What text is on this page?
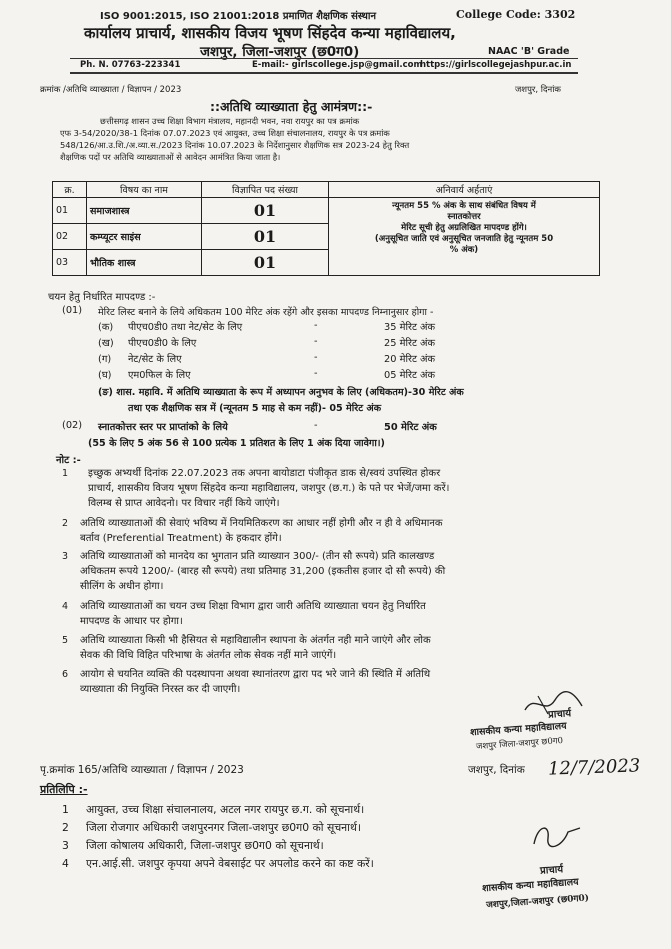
ISO 9001:2015, ISO 21001:2018 प्रमाणित शैक्षणिक संस्थान	College Code: 3302
कार्यालय प्राचार्य, शासकीय विजय भूषण सिंहदेव कन्या महाविद्यालय,
जशपुर, जिला-जशपुर (छ0ग0)	NAAC 'B' Grade
Ph. N. 07763-223341	E-mail:- girlscollege.jsp@gmail.com
https://girlscollegejashpur.ac.in
क्रमांक /अतिथि व्याख्याता / विज्ञापन / 2023	जशपुर, दिनांक
::अतिथि व्याख्याता हेतु आमंत्रण::-
छत्तीसगढ़ शासन उच्च शिक्षा विभाग मंत्रालय, महानदी भवन, नवा रायपुर का पत्र क्रमांक
एफ 3-54/2020/38-1 दिनांक 07.07.2023 एवं आयुक्त, उच्च शिक्षा संचालनालय, रायपुर के पत्र क्रमांक
548/126/आ.उ.शि./अ.व्या.स./2023 दिनांक 10.07.2023 के निर्देशानुसार शैक्षणिक सत्र 2023-24 हेतु रिक्त
शैक्षणिक पदों पर अतिथि व्याख्याताओं से आवेदन आमंत्रित किया जाता है।
क्र.	विषय का नाम	विज्ञापित पद संख्या	अनिवार्य अर्हताएं
01	समाजशास्त्र	01	न्यूनतम 55 % अंक के साथ संबंधित विषय में
स्नातकोत्तर
मेरिट सूची हेतु अग्रलिखित मापदण्ड होंगे।
(अनुसूचित जाति एवं अनुसूचित जनजाति हेतु न्यूनतम 50
% अंक)

02	कम्प्यूटर साइंस	01	
03	भौतिक शास्त्र	01	
चयन हेतु निर्धारित मापदण्ड :-
(01) मेरिट लिस्ट बनाने के लिये अधिकतम 100 मेरिट अंक रहेंगे और इसका मापदण्ड निम्नानुसार होगा -
(क) पीएच0डी0 तथा नेट/सेट के लिए	-	35 मेरिट अंक
(ख) पीएच0डी0 के लिए	-	25 मेरिट अंक
(ग) नेट/सेट के लिए	-	20 मेरिट अंक
(घ) एम0फिल के लिए	-	05 मेरिट अंक
(ङ) शास. महावि. में अतिथि व्याख्याता के रूप में अध्यापन अनुभव के लिए (अधिकतम)-30 मेरिट अंक
तथा एक शैक्षणिक सत्र में (न्यूनतम 5 माह से कम नहीं)- 05 मेरिट अंक
(02) स्नातकोत्तर स्तर पर प्राप्तांको के लिये	-	50 मेरिट अंक
(55 के लिए 5 अंक 56 से 100 प्रत्येक 1 प्रतिशत के लिए 1 अंक दिया जावेगा।)
नोट :-
1 इच्छुक अभ्यर्थी दिनांक 22.07.2023 तक अपना बायोडाटा पंजीकृत डाक से/स्वयं उपस्थित होकर
प्राचार्य, शासकीय विजय भूषण सिंहदेव कन्या महाविद्यालय, जशपुर (छ.ग.) के पते पर भेजें/जमा करें।
विलम्ब से प्राप्त आवेदनो। पर विचार नहीं किये जाएंगे।
2 अतिथि व्याख्याताओं की सेवाएं भविष्य में नियमितिकरण का आधार नहीं होगी और न ही वे अधिमानक
बर्ताव (Preferential Treatment) के हकदार होंगे।
3 अतिथि व्याख्याताओं को मानदेय का भुगतान प्रति व्याख्यान 300/- (तीन सौ रूपये) प्रति कालखण्ड
अधिकतम रूपये 1200/- (बारह सौ रूपये) तथा प्रतिमाह 31,200 (इकतीस हजार दो सौ रूपये) की
सीलिंग के अधीन होगा।
4 अतिथि व्याख्याताओं का चयन उच्च शिक्षा विभाग द्वारा जारी अतिथि व्याख्याता चयन हेतु निर्धारित
मापदण्ड के आधार पर होगा।
5 अतिथि व्याख्याता किसी भी हैसियत से महाविद्यालीन स्थापना के अंतर्गत नही माने जाएंगे और लोक
सेवक की विधि विहित परिभाषा के अंतर्गत लोक सेवक नहीं माने जाएंगें।
6 आयोग से चयनित व्यक्ति की पदस्थापना अथवा स्थानांतरण द्वारा पद भरे जाने की स्थिति में अतिथि
व्याख्याता की नियुक्ति निरस्त कर दी जाएगी।
प्राचार्य
शासकीय कन्या महाविद्यालय
जशपुर जिला-जशपुर छ0ग0
पृ.क्रमांक 165/अतिथि व्याख्याता / विज्ञापन / 2023	जशपुर, दिनांक 12/7/2023
प्रतिलिपि :-
1 आयुक्त, उच्च शिक्षा संचालनालय, अटल नगर रायपुर छ.ग. को सूचनार्थ।
2 जिला रोजगार अधिकारी जशपुरनगर जिला-जशपुर छ0ग0 को सूचनार्थ।
3 जिला कोषालय अधिकारी, जिला-जशपुर छ0ग0 को सूचनार्थ।
4 एन.आई.सी. जशपुर कृपया अपने वेबसाईट पर अपलोड करने का कष्ट करें।
प्राचार्य
शासकीय कन्या महाविद्यालय
जशपुर,जिला-जशपुर (छ0ग0)
